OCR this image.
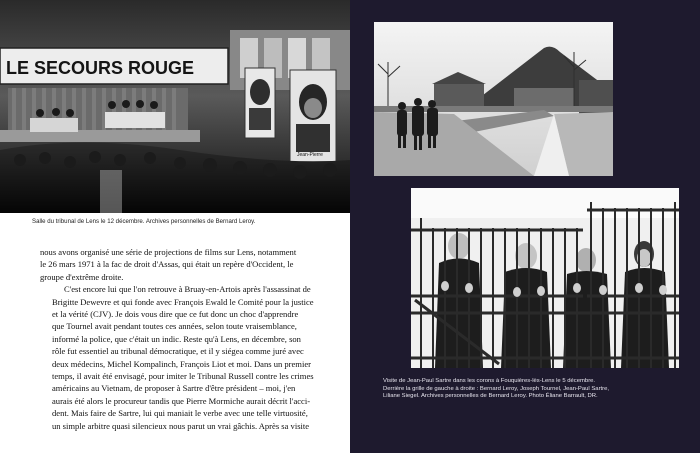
LE SECOURS ROUGE
Jean-Pierre
Salle du tribunal de Lens le 12 décembre. Archives personnelles de Bernard Leroy.

nous avons organisé une série de projections de films sur Lens, notamment
le 26 mars 1971 à la fac de droit d'Assas, qui était un repère d'Occident, le
groupe d'extrême droite.

C'est encore lui que l'on retrouve à Bruay-en-Artois après l'assassinat de
Brigitte Dewevre et qui fonde avec François Ewald le Comité pour la justice
et la vérité (CJV). Je dois vous dire que ce fut donc un choc d'apprendre
que Tournel avait pendant toutes ces années, selon toute vraisemblance,
informé la police, que c'était un indic. Reste qu'à Lens, en décembre, son
rôle fut essentiel au tribunal démocratique, et il y siégea comme juré avec
deux médecins, Michel Kompalinch, François Liot et moi. Dans un premier
temps, il avait été envisagé, pour imiter le Tribunal Russell contre les crimes
américains au Vietnam, de proposer à Sartre d'être président – moi, j'en
aurais été alors le procureur tandis que Pierre Mormiche aurait décrit l'acci-
dent. Mais faire de Sartre, lui qui maniait le verbe avec une telle virtuosité,
un simple arbitre quasi silencieux nous parut un vrai gâchis. Après sa visite

Visite de Jean-Paul Sartre dans les corons à Fouquières-lès-Lens le 5 décembre.
Derrière la grille de gauche à droite : Bernard Leroy, Joseph Tournel, Jean-Paul Sartre,
Liliane Siegel. Archives personnelles de Bernard Leroy. Photo Éliane Barrault, DR.
